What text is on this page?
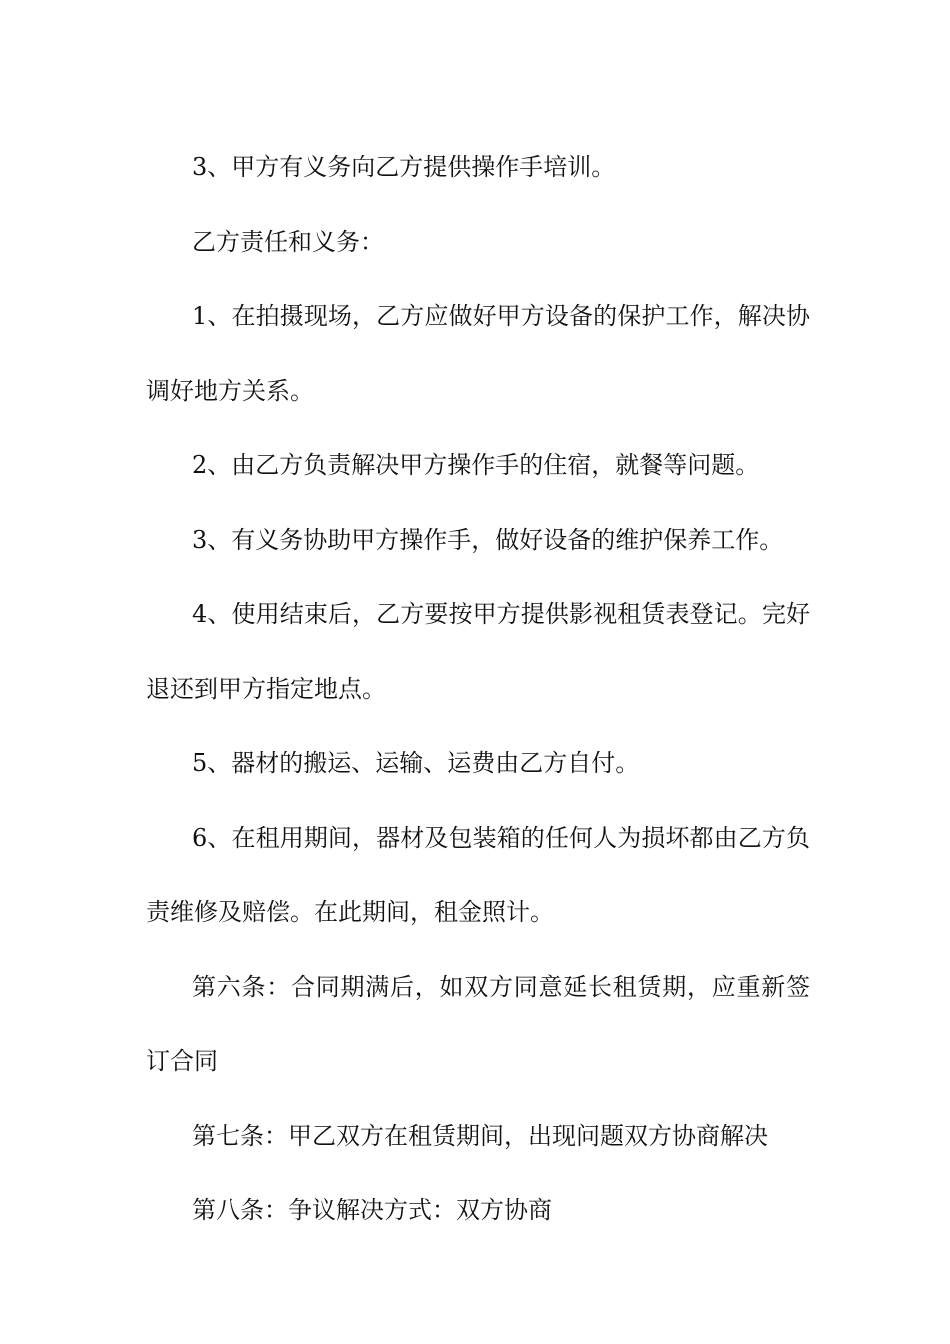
3、甲方有义务向乙方提供操作手培训。

乙方责任和义务：

1、在拍摄现场，乙方应做好甲方设备的保护工作，解决协调好地方关系。

2、由乙方负责解决甲方操作手的住宿，就餐等问题。

3、有义务协助甲方操作手，做好设备的维护保养工作。

4、使用结束后，乙方要按甲方提供影视租赁表登记。完好退还到甲方指定地点。

5、器材的搬运、运输、运费由乙方自付。

6、在租用期间，器材及包装箱的任何人为损坏都由乙方负责维修及赔偿。在此期间，租金照计。

第六条：合同期满后，如双方同意延长租赁期，应重新签订合同

第七条：甲乙双方在租赁期间，出现问题双方协商解决

第八条：争议解决方式：双方协商
